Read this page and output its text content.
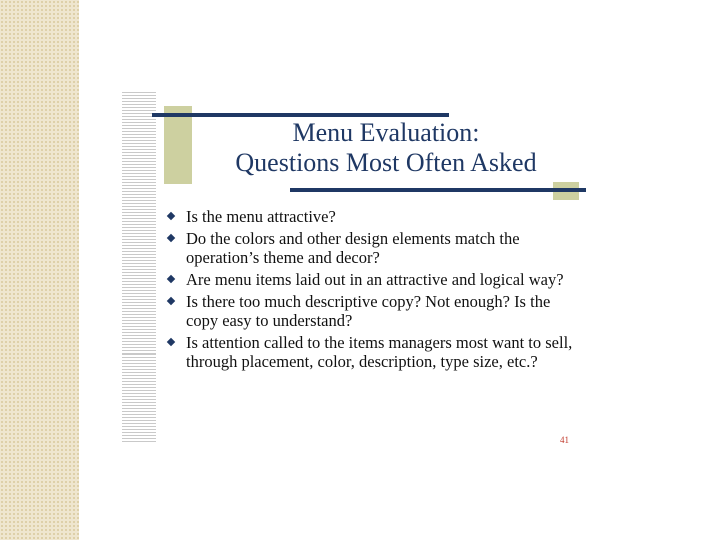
Menu Evaluation:
Questions Most Often Asked
Is the menu attractive?
Do the colors and other design elements match the operation’s theme and decor?
Are menu items laid out in an attractive and logical way?
Is there too much descriptive copy? Not enough? Is the copy easy to understand?
Is attention called to the items managers most want to sell, through placement, color, description, type size, etc.?
41
